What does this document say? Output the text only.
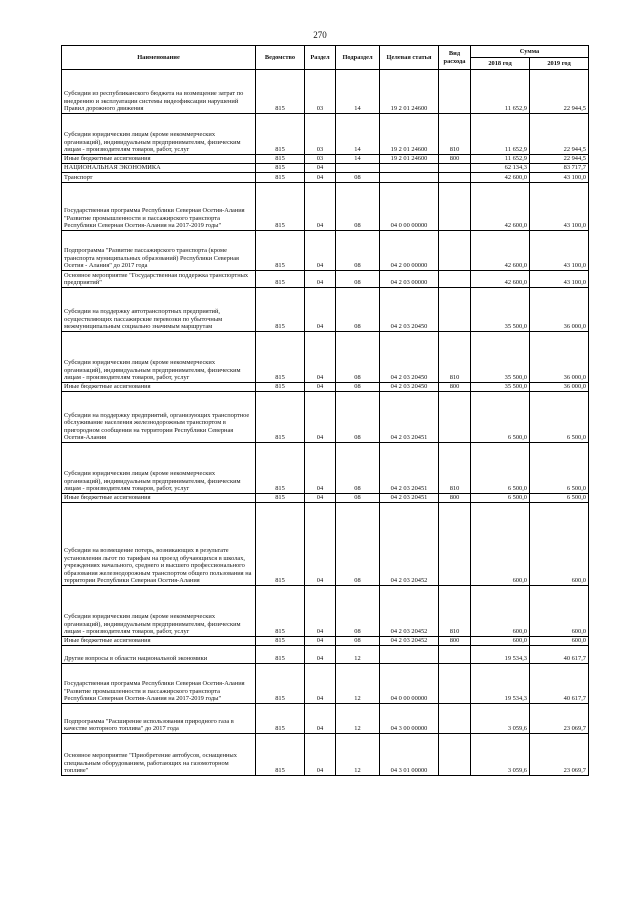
270
Наименование	Ведомство	Раздел	Подраздел	Целевая статья	Вид расхода	Сумма	
						2018 год	2019 год
Субсидии из республиканского бюджета на возмещение затрат по внедрению и эксплуатации системы видеофиксации нарушений Правил дорожного движения	815	03	14	19 2 01 24600		11 652,9	22 944,5
Субсидии юридическим лицам (кроме некоммерческих организаций), индивидуальным предпринимателям, физическим лицам - производителям товаров, работ, услуг	815	03	14	19 2 01 24600	810	11 652,9	22 944,5
Иные бюджетные ассигнования	815	03	14	19 2 01 24600	800	11 652,9	22 944,5
НАЦИОНАЛЬНАЯ ЭКОНОМИКА	815	04				62 134,3	83 717,7
Транспорт	815	04	08			42 600,0	43 100,0
Государственная программа Республики Северная Осетия-Алания "Развитие промышленности и пассажирского транспорта Республики Северная Осетия-Алания на 2017-2019 годы"	815	04	08	04 0 00 00000		42 600,0	43 100,0
Подпрограмма "Развитие пассажирского транспорта (кроме транспорта муниципальных образований) Республики Северная Осетия - Алания" до 2017 года	815	04	08	04 2 00 00000		42 600,0	43 100,0
Основное мероприятие "Государственная поддержка транспортных предприятий"	815	04	08	04 2 03 00000		42 600,0	43 100,0
Субсидии на поддержку автотранспортных предприятий, осуществляющих пассажирские перевозки по убыточным межмуниципальным социально значимым маршрутам	815	04	08	04 2 03 20450		35 500,0	36 000,0
Субсидии юридическим лицам (кроме некоммерческих организаций), индивидуальным предпринимателям, физическим лицам - производителям товаров, работ, услуг	815	04	08	04 2 03 20450	810	35 500,0	36 000,0
Иные бюджетные ассигнования	815	04	08	04 2 03 20450	800	35 500,0	36 000,0
Субсидии на поддержку предприятий, организующих транспортное обслуживание населения железнодорожным транспортом в пригородном сообщении на территории Республики Северная Осетия-Алания	815	04	08	04 2 03 20451		6 500,0	6 500,0
Субсидии юридическим лицам (кроме некоммерческих организаций), индивидуальным предпринимателям, физическим лицам - производителям товаров, работ, услуг	815	04	08	04 2 03 20451	810	6 500,0	6 500,0
Иные бюджетные ассигнования	815	04	08	04 2 03 20451	800	6 500,0	6 500,0
Субсидии на возмещение потерь, возникающих в результате установления льгот по тарифам на проезд обучающихся в школах, учреждениях начального, среднего и высшего профессионального образования железнодорожным транспортом общего пользования на территории Республики Северная Осетия-Алания	815	04	08	04 2 03 20452		600,0	600,0
Субсидии юридическим лицам (кроме некоммерческих организаций), индивидуальным предпринимателям, физическим лицам - производителям товаров, работ, услуг	815	04	08	04 2 03 20452	810	600,0	600,0
Иные бюджетные ассигнования	815	04	08	04 2 03 20452	800	600,0	600,0
Другие вопросы в области национальной экономики	815	04	12			19 534,3	40 617,7
Государственная программа Республики Северная Осетия-Алания "Развитие промышленности и пассажирского транспорта Республики Северная Осетия-Алания на 2017-2019 годы"	815	04	12	04 0 00 00000		19 534,3	40 617,7
Подпрограмма "Расширение использования природного газа в качестве моторного топлива" до 2017 года	815	04	12	04 3 00 00000		3 059,6	23 069,7
Основное мероприятие "Приобретение автобусов, оснащенных специальным оборудованием, работающих на газомоторном топливе"	815	04	12	04 3 01 00000		3 059,6	23 069,7
